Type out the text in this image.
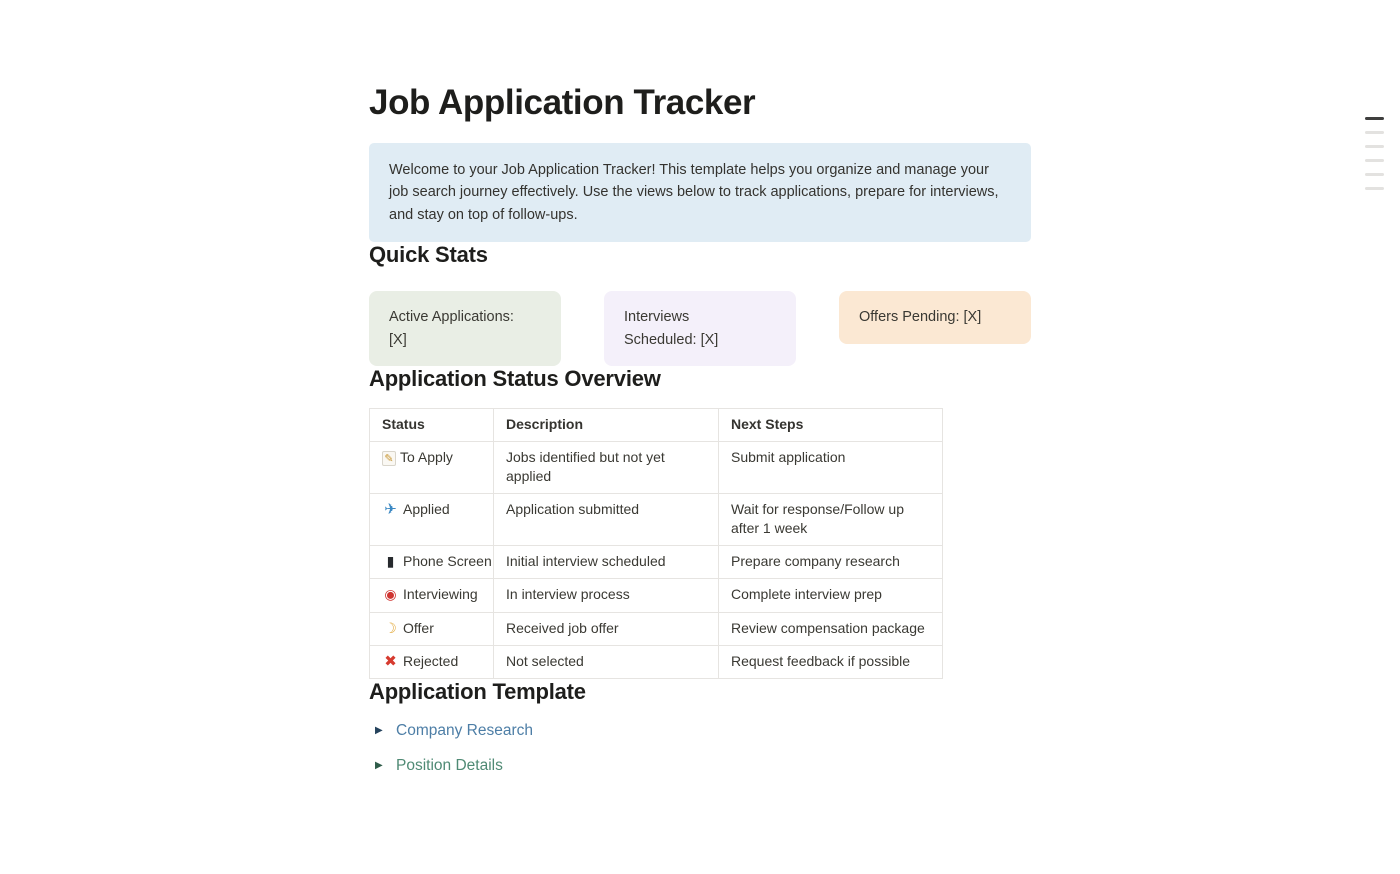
Job Application Tracker

Welcome to your Job Application Tracker! This template helps you organize and manage your job search journey effectively. Use the views below to track applications, prepare for interviews, and stay on top of follow-ups.

Quick Stats
Active Applications: [X]
Interviews Scheduled: [X]
Offers Pending: [X]
Application Status Overview
Status	Description	Next Steps
✎ To Apply	Jobs identified but not yet applied	Submit application
✈ Applied	Application submitted	Wait for response/Follow up after 1 week
▮ Phone Screen	Initial interview scheduled	Prepare company research
◉ Interviewing	In interview process	Complete interview prep
☽ Offer	Received job offer	Review compensation package
✖ Rejected	Not selected	Request feedback if possible
Application Template
▶ Company Research
▶ Position Details
